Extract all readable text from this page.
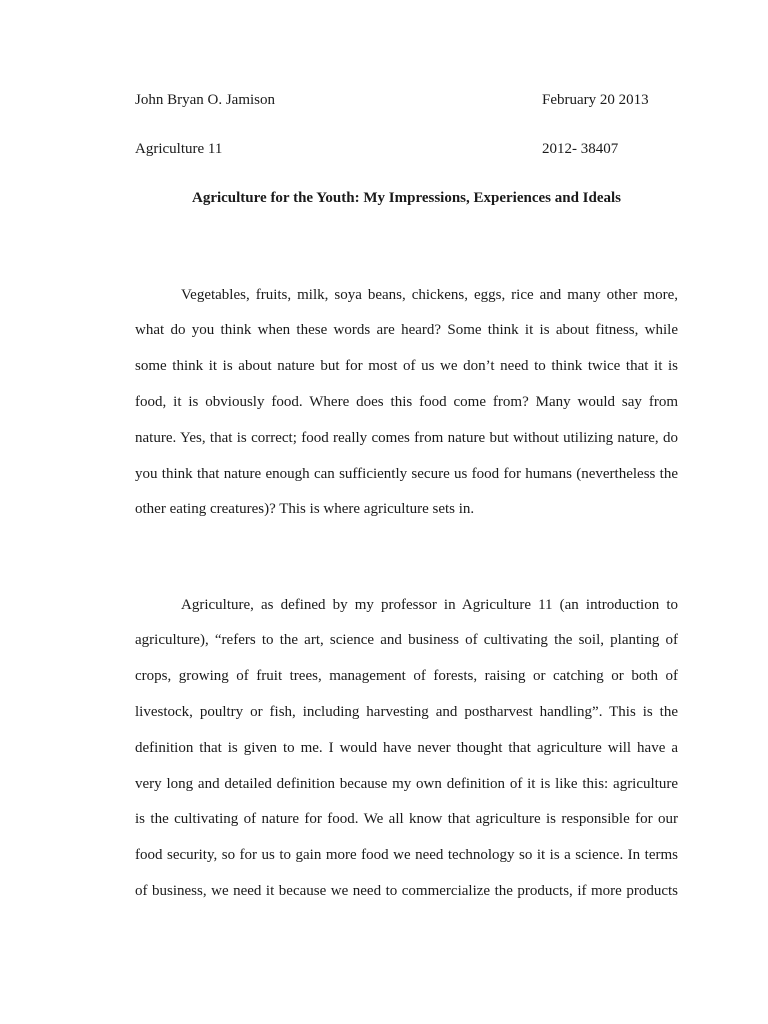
John Bryan O. Jamison	February 20 2013
Agriculture 11	2012- 38407
Agriculture for the Youth: My Impressions, Experiences and Ideals
Vegetables, fruits, milk, soya beans, chickens, eggs, rice and many other more,
what do you think when these words are heard? Some think it is about fitness, while
some think it is about nature but for most of us we don’t need to think twice that it is
food, it is obviously food. Where does this food come from? Many would say from
nature. Yes, that is correct; food really comes from nature but without utilizing nature, do
you think that nature enough can sufficiently secure us food for humans (nevertheless the
other eating creatures)? This is where agriculture sets in.
Agriculture, as defined by my professor in Agriculture 11 (an introduction to
agriculture), “refers to the art, science and business of cultivating the soil, planting of
crops, growing of fruit trees, management of forests, raising or catching or both of
livestock, poultry or fish, including harvesting and postharvest handling”. This is the
definition that is given to me. I would have never thought that agriculture will have a
very long and detailed definition because my own definition of it is like this: agriculture
is the cultivating of nature for food. We all know that agriculture is responsible for our
food security, so for us to gain more food we need technology so it is a science. In terms
of business, we need it because we need to commercialize the products, if more products
